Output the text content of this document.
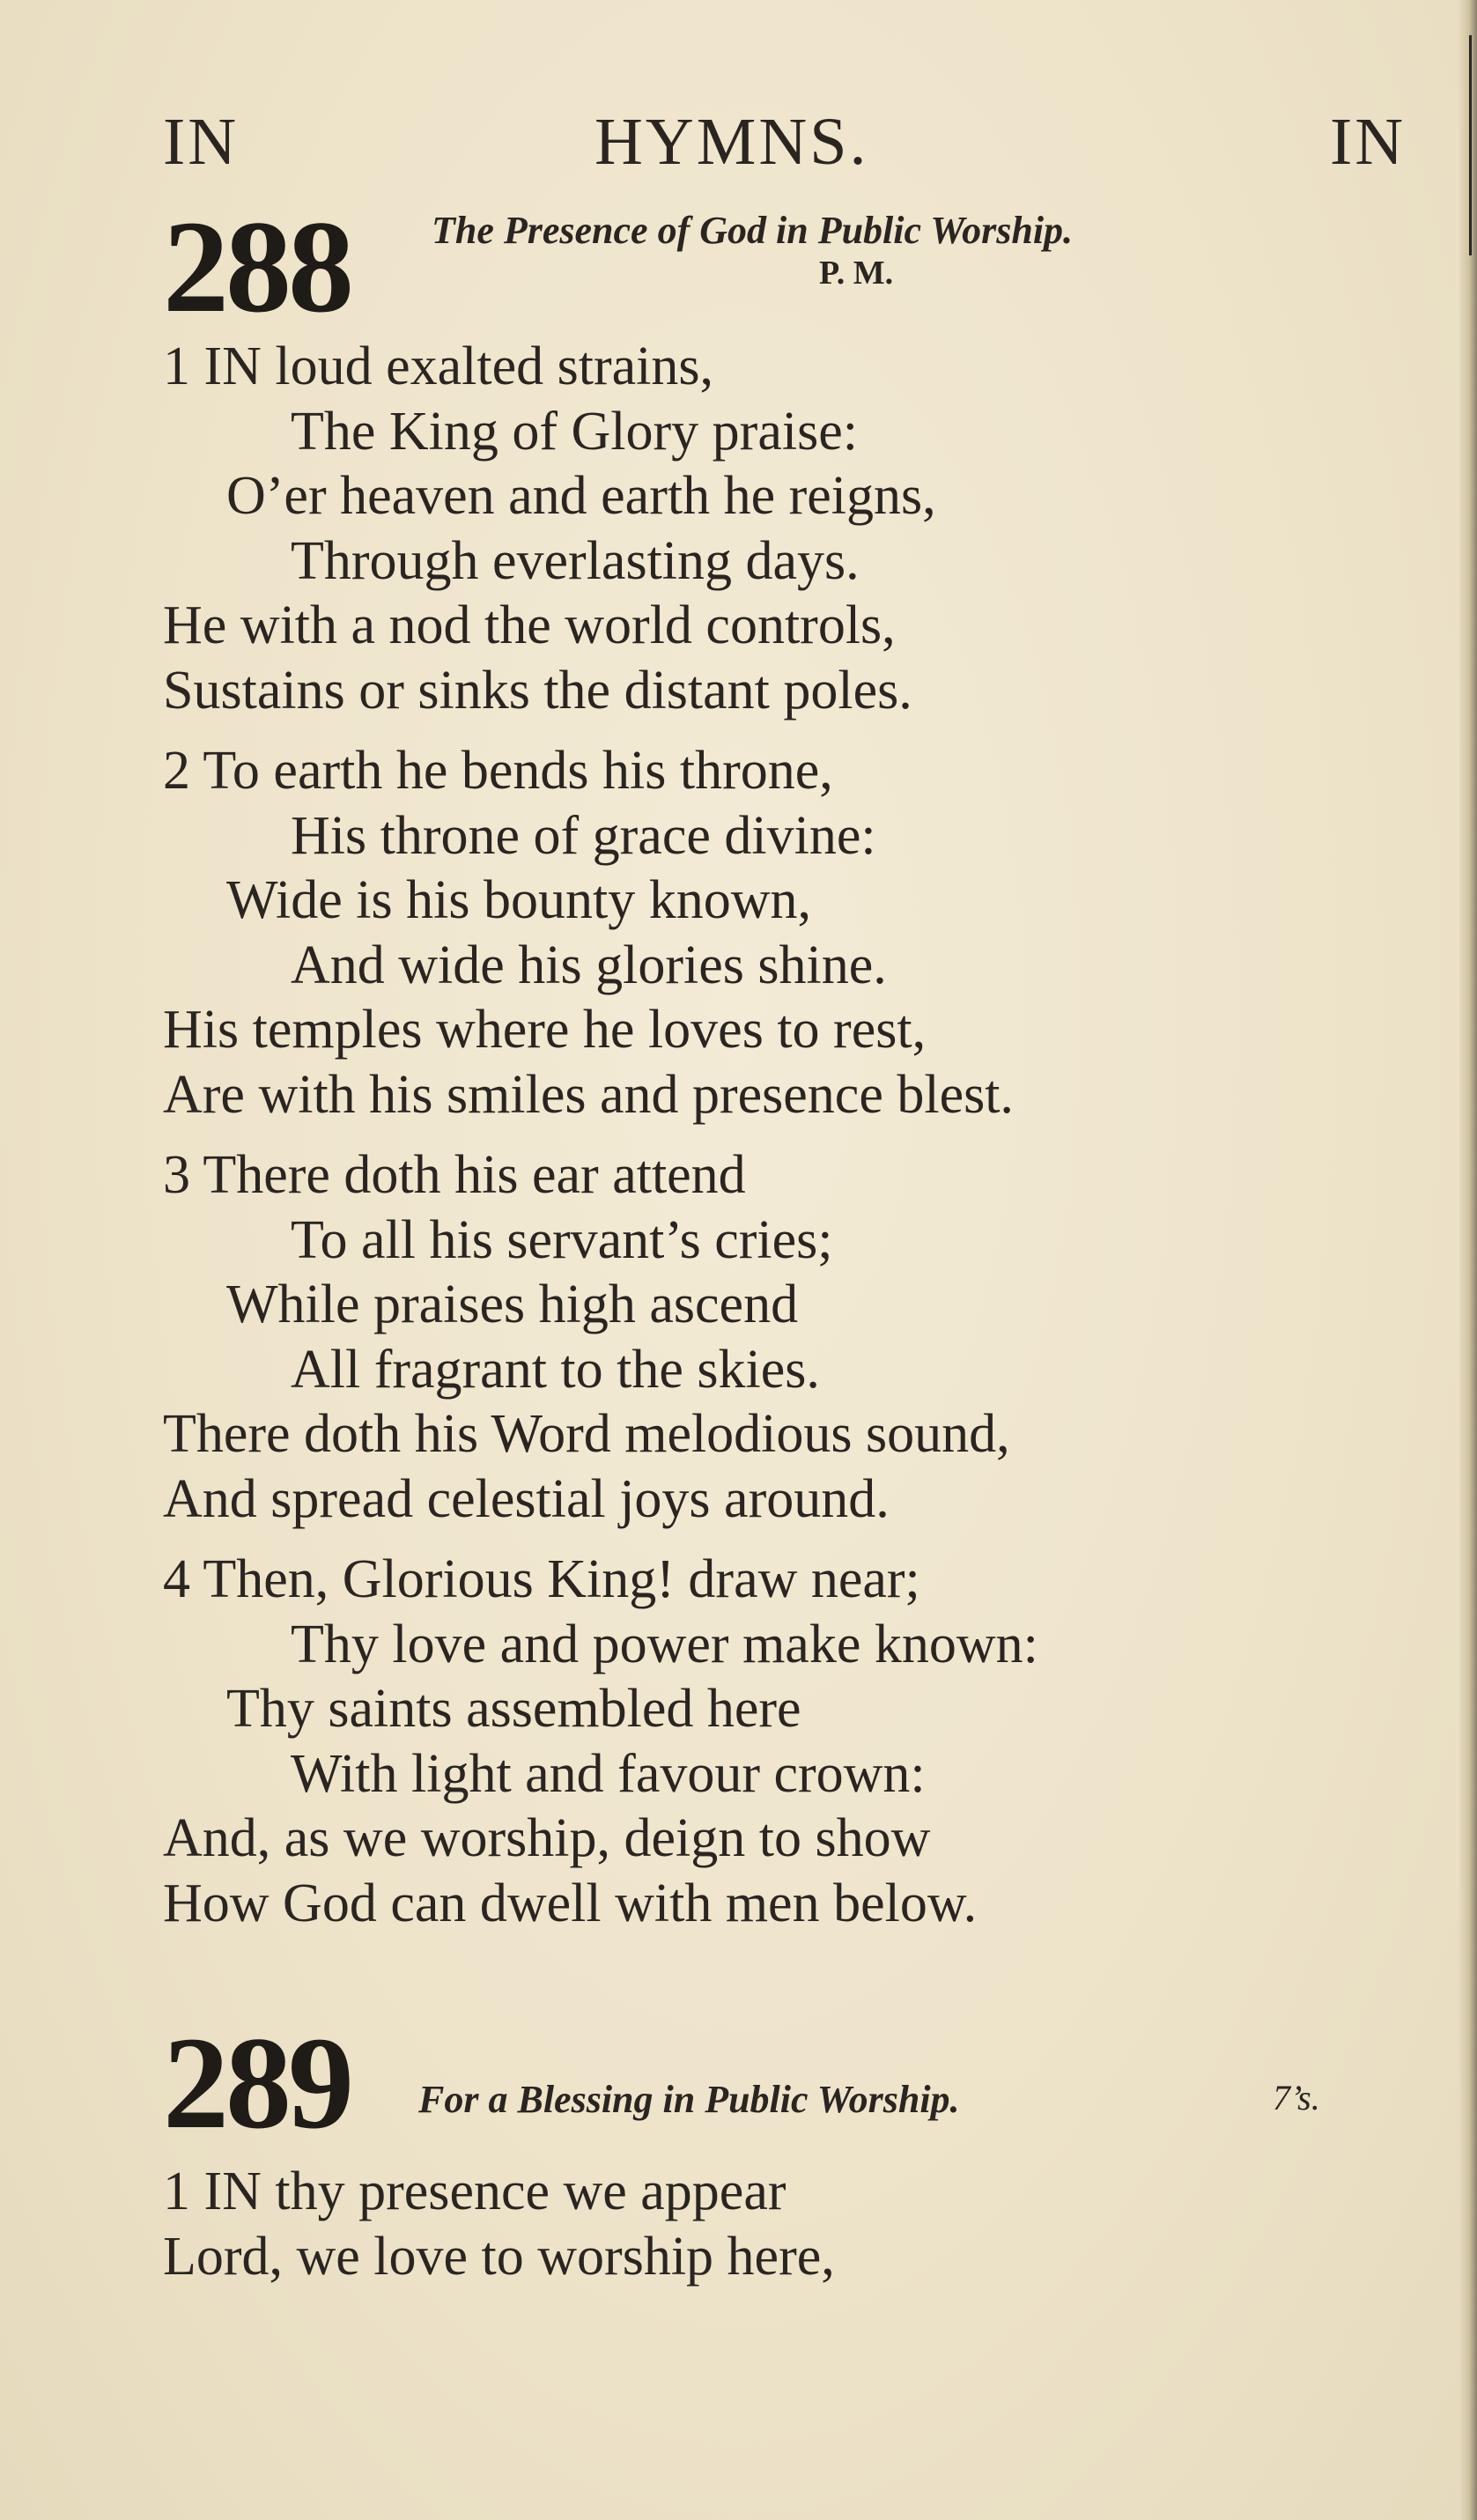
IN	HYMNS.	IN
288 The Presence of God in Public Worship.
P. M.
1 IN loud exalted strains,
The King of Glory praise:
O’er heaven and earth he reigns,
Through everlasting days.
He with a nod the world controls,
Sustains or sinks the distant poles.
2 To earth he bends his throne,
His throne of grace divine:
Wide is his bounty known,
And wide his glories shine.
His temples where he loves to rest,
Are with his smiles and presence blest.
3 There doth his ear attend
To all his servant’s cries;
While praises high ascend
All fragrant to the skies.
There doth his Word melodious sound,
And spread celestial joys around.
4 Then, Glorious King! draw near;
Thy love and power make known:
Thy saints assembled here
With light and favour crown:
And, as we worship, deign to show
How God can dwell with men below.
289 For a Blessing in Public Worship.	7’s.
1 IN thy presence we appear
Lord, we love to worship here,
